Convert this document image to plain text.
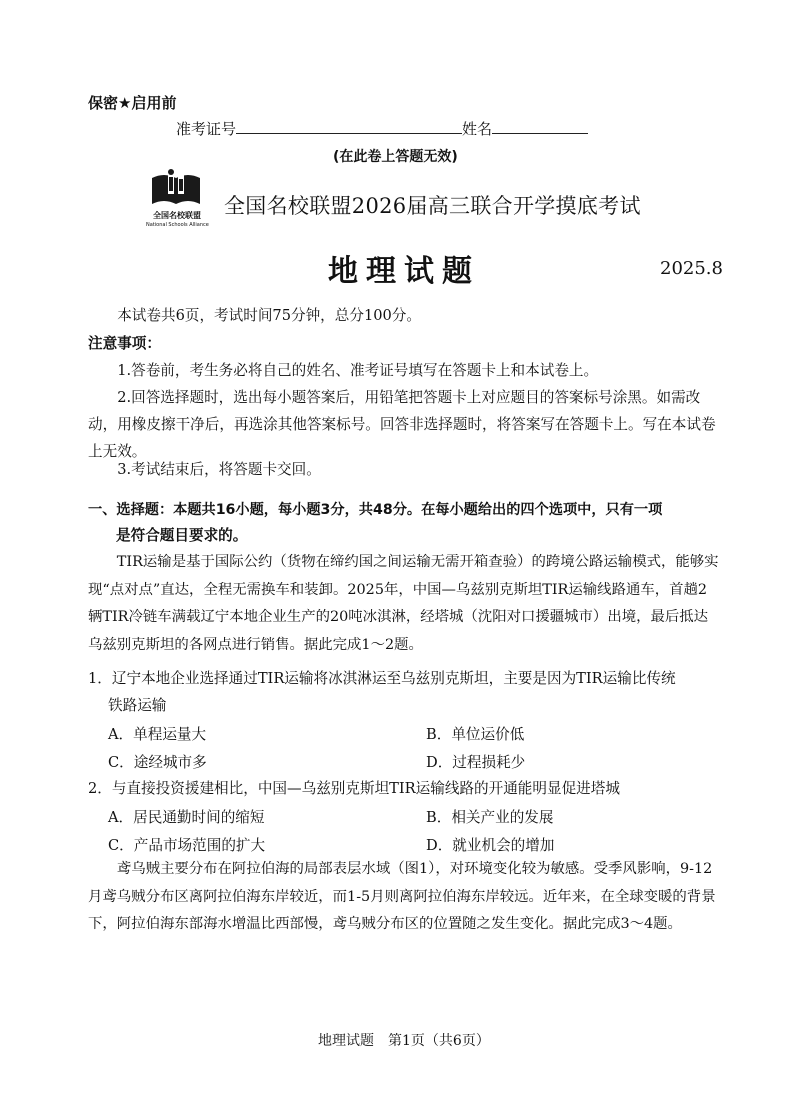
保密★启用前
准考证号	姓名
(在此卷上答题无效)
全国名校联盟
National Schools Alliance
全国名校联盟2026届高三联合开学摸底考试
地理试题	2025.8
本试卷共6页，考试时间75分钟，总分100分。
注意事项：
1.答卷前，考生务必将自己的姓名、准考证号填写在答题卡上和本试卷上。
2.回答选择题时，选出每小题答案后，用铅笔把答题卡上对应题目的答案标号涂黑。如需改动，用橡皮擦干净后，再选涂其他答案标号。回答非选择题时，将答案写在答题卡上。写在本试卷上无效。
3.考试结束后，将答题卡交回。
一、选择题：本题共16小题，每小题3分，共48分。在每小题给出的四个选项中，只有一项
是符合题目要求的。
TIR运输是基于国际公约（货物在缔约国之间运输无需开箱查验）的跨境公路运输模式，能够实现“点对点”直达，全程无需换车和装卸。2025年，中国—乌兹别克斯坦TIR运输线路通车，首趟2辆TIR冷链车满载辽宁本地企业生产的20吨冰淇淋，经塔城（沈阳对口援疆城市）出境，最后抵达乌兹别克斯坦的各网点进行销售。据此完成1～2题。
1．辽宁本地企业选择通过TIR运输将冰淇淋运至乌兹别克斯坦，主要是因为TIR运输比传统
铁路运输
A．单程运量大	B．单位运价低
C．途经城市多	D．过程损耗少
2．与直接投资援建相比，中国—乌兹别克斯坦TIR运输线路的开通能明显促进塔城
A．居民通勤时间的缩短	B．相关产业的发展
C．产品市场范围的扩大	D．就业机会的增加
鸢乌贼主要分布在阿拉伯海的局部表层水域（图1），对环境变化较为敏感。受季风影响，9-12月鸢乌贼分布区离阿拉伯海东岸较近，而1-5月则离阿拉伯海东岸较远。近年来，在全球变暖的背景下，阿拉伯海东部海水增温比西部慢，鸢乌贼分布区的位置随之发生变化。据此完成3～4题。
地理试题　第1页（共6页）
